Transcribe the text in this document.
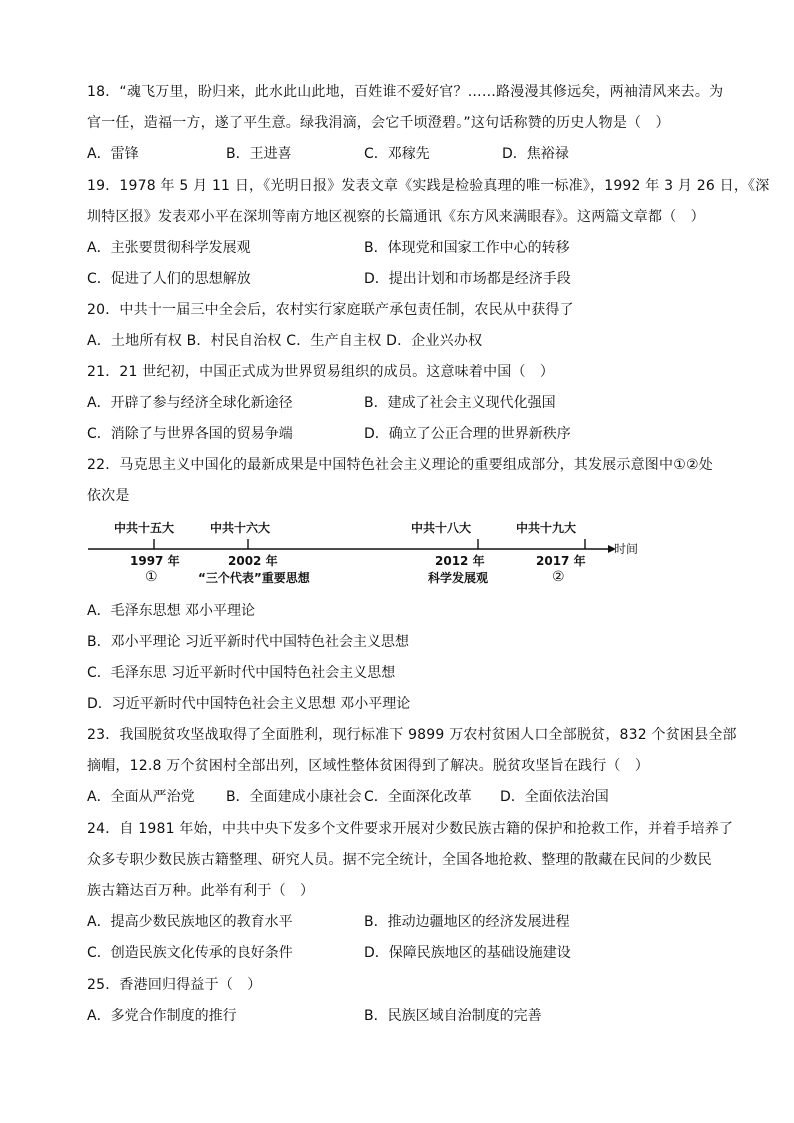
18．“魂飞万里，盼归来，此水此山此地，百姓谁不爱好官？……路漫漫其修远矣，两袖清风来去。为
官一任，造福一方，遂了平生意。绿我涓滴，会它千顷澄碧。”这句话称赞的历史人物是（　）
A．雷锋	B．王进喜	C．邓稼先	D．焦裕禄
19．1978 年 5 月 11 日，《光明日报》发表文章《实践是检验真理的唯一标准》，1992 年 3 月 26 日，《深
圳特区报》发表邓小平在深圳等南方地区视察的长篇通讯《东方风来满眼春》。这两篇文章都（　）
A．主张要贯彻科学发展观	B．体现党和国家工作中心的转移
C．促进了人们的思想解放	D．提出计划和市场都是经济手段
20．中共十一届三中全会后，农村实行家庭联产承包责任制，农民从中获得了
A．土地所有权 B．村民自治权 C．生产自主权 D．企业兴办权
21．21 世纪初，中国正式成为世界贸易组织的成员。这意味着中国（　）
A．开辟了参与经济全球化新途径	B．建成了社会主义现代化强国
C．消除了与世界各国的贸易争端	D．确立了公正合理的世界新秩序
22．马克思主义中国化的最新成果是中国特色社会主义理论的重要组成部分，其发展示意图中①②处
依次是
中共十五大	中共十六大	中共十八大	中共十九大
1997 年	2002 年	2012 年	2017 年
①	“三个代表”重要思想	科学发展观	②
时间
A．毛泽东思想 邓小平理论
B．邓小平理论 习近平新时代中国特色社会主义思想
C．毛泽东思 习近平新时代中国特色社会主义思想
D．习近平新时代中国特色社会主义思想 邓小平理论
23．我国脱贫攻坚战取得了全面胜利，现行标准下 9899 万农村贫困人口全部脱贫，832 个贫困县全部
摘帽，12.8 万个贫困村全部出列，区域性整体贫困得到了解决。脱贫攻坚旨在践行（　）
A．全面从严治党 B．全面建成小康社会 C．全面深化改革 D．全面依法治国
24．自 1981 年始，中共中央下发多个文件要求开展对少数民族古籍的保护和抢救工作，并着手培养了
众多专职少数民族古籍整理、研究人员。据不完全统计，全国各地抢救、整理的散藏在民间的少数民
族古籍达百万种。此举有利于（　）
A．提高少数民族地区的教育水平	B．推动边疆地区的经济发展进程
C．创造民族文化传承的良好条件	D．保障民族地区的基础设施建设
25．香港回归得益于（　）
A．多党合作制度的推行	B．民族区域自治制度的完善
